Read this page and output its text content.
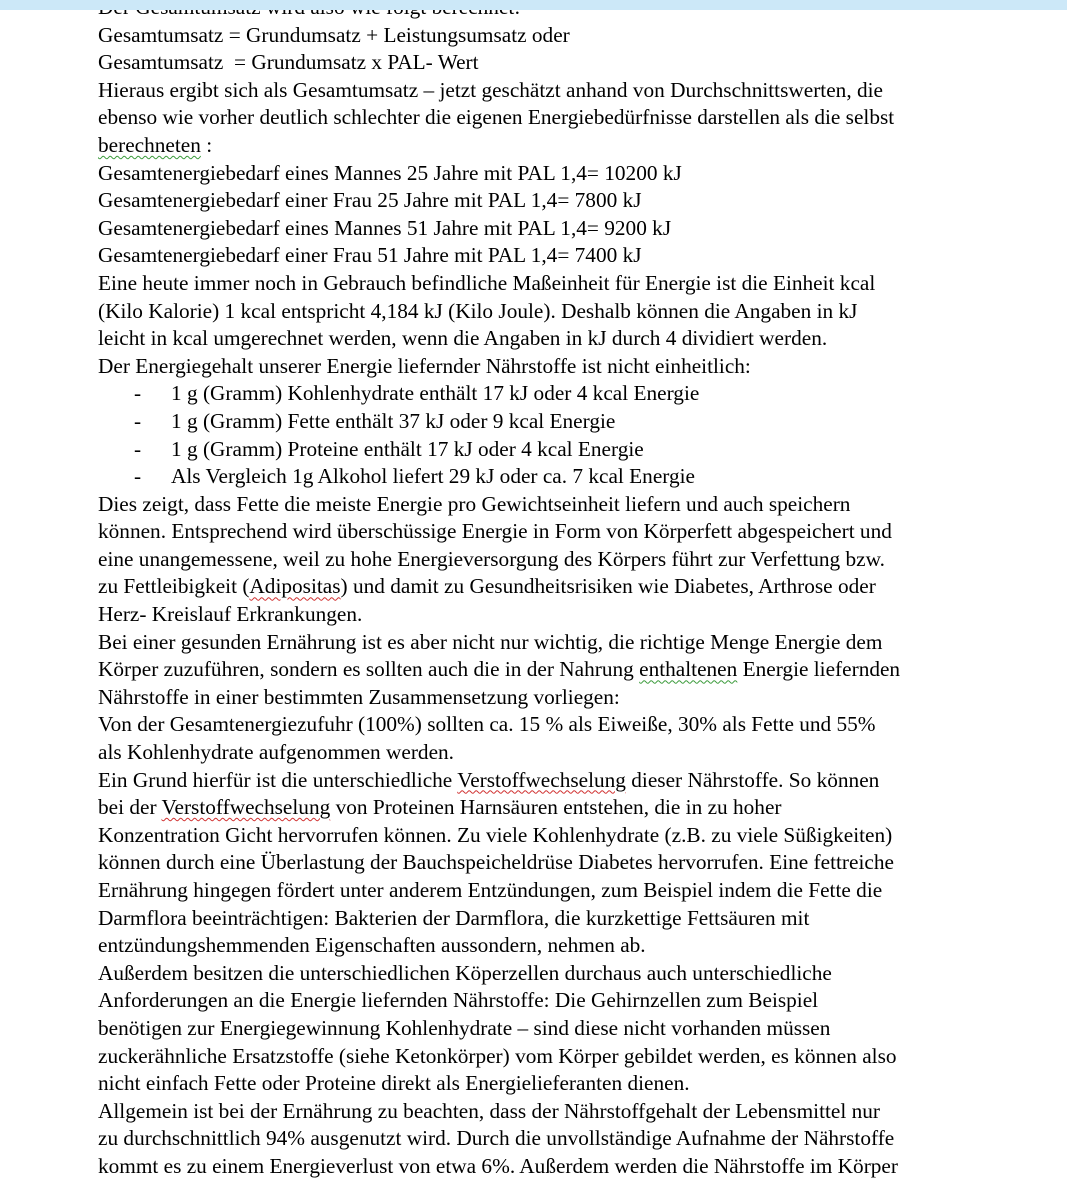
Gesamtumsatz = Grundumsatz + Leistungsumsatz oder
Gesamtumsatz  = Grundumsatz x PAL- Wert
Hieraus ergibt sich als Gesamtumsatz – jetzt geschätzt anhand von Durchschnittswerten, die
ebenso wie vorher deutlich schlechter die eigenen Energiebedürfnisse darstellen als die selbst
berechneten :
Gesamtenergiebedarf eines Mannes 25 Jahre mit PAL 1,4= 10200 kJ
Gesamtenergiebedarf einer Frau 25 Jahre mit PAL 1,4= 7800 kJ
Gesamtenergiebedarf eines Mannes 51 Jahre mit PAL 1,4= 9200 kJ
Gesamtenergiebedarf einer Frau 51 Jahre mit PAL 1,4= 7400 kJ
Eine heute immer noch in Gebrauch befindliche Maßeinheit für Energie ist die Einheit kcal
(Kilo Kalorie) 1 kcal entspricht 4,184 kJ (Kilo Joule). Deshalb können die Angaben in kJ
leicht in kcal umgerechnet werden, wenn die Angaben in kJ durch 4 dividiert werden.
Der Energiegehalt unserer Energie liefernder Nährstoffe ist nicht einheitlich:
- 1 g (Gramm) Kohlenhydrate enthält 17 kJ oder 4 kcal Energie
- 1 g (Gramm) Fette enthält 37 kJ oder 9 kcal Energie
- 1 g (Gramm) Proteine enthält 17 kJ oder 4 kcal Energie
- Als Vergleich 1g Alkohol liefert 29 kJ oder ca. 7 kcal Energie
Dies zeigt, dass Fette die meiste Energie pro Gewichtseinheit liefern und auch speichern
können. Entsprechend wird überschüssige Energie in Form von Körperfett abgespeichert und
eine unangemessene, weil zu hohe Energieversorgung des Körpers führt zur Verfettung bzw.
zu Fettleibigkeit (Adipositas) und damit zu Gesundheitsrisiken wie Diabetes, Arthrose oder
Herz- Kreislauf Erkrankungen.
Bei einer gesunden Ernährung ist es aber nicht nur wichtig, die richtige Menge Energie dem
Körper zuzuführen, sondern es sollten auch die in der Nahrung enthaltenen Energie liefernden
Nährstoffe in einer bestimmten Zusammensetzung vorliegen:
Von der Gesamtenergiezufuhr (100%) sollten ca. 15 % als Eiweiße, 30% als Fette und 55%
als Kohlenhydrate aufgenommen werden.
Ein Grund hierfür ist die unterschiedliche Verstoffwechselung dieser Nährstoffe. So können
bei der Verstoffwechselung von Proteinen Harnsäuren entstehen, die in zu hoher
Konzentration Gicht hervorrufen können. Zu viele Kohlenhydrate (z.B. zu viele Süßigkeiten)
können durch eine Überlastung der Bauchspeicheldrüse Diabetes hervorrufen. Eine fettreiche
Ernährung hingegen fördert unter anderem Entzündungen, zum Beispiel indem die Fette die
Darmflora beeinträchtigen: Bakterien der Darmflora, die kurzkettige Fettsäuren mit
entzündungshemmenden Eigenschaften aussondern, nehmen ab.
Außerdem besitzen die unterschiedlichen Köperzellen durchaus auch unterschiedliche
Anforderungen an die Energie liefernden Nährstoffe: Die Gehirnzellen zum Beispiel
benötigen zur Energiegewinnung Kohlenhydrate – sind diese nicht vorhanden müssen
zuckerähnliche Ersatzstoffe (siehe Ketonkörper) vom Körper gebildet werden, es können also
nicht einfach Fette oder Proteine direkt als Energielieferanten dienen.
Allgemein ist bei der Ernährung zu beachten, dass der Nährstoffgehalt der Lebensmittel nur
zu durchschnittlich 94% ausgenutzt wird. Durch die unvollständige Aufnahme der Nährstoffe
kommt es zu einem Energieverlust von etwa 6%. Außerdem werden die Nährstoffe im Körper
